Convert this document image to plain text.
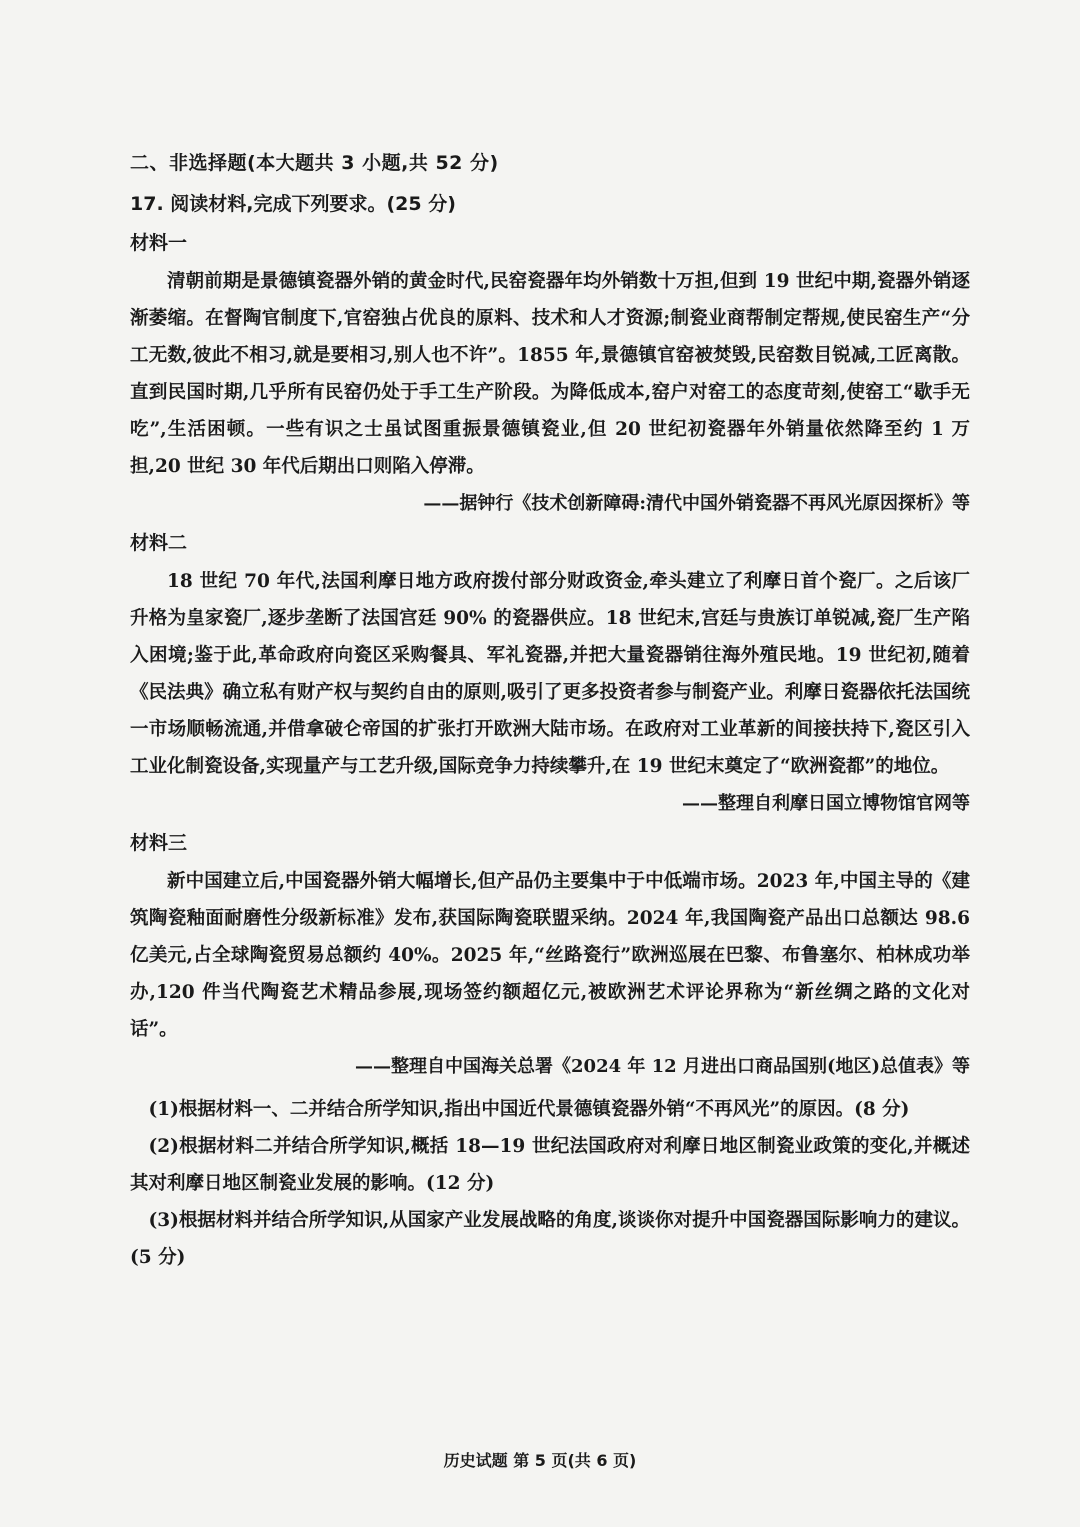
二、非选择题(本大题共 3 小题,共 52 分)
17. 阅读材料,完成下列要求。(25 分)
材料一

清朝前期是景德镇瓷器外销的黄金时代,民窑瓷器年均外销数十万担,但到 19 世纪中期,瓷器外销逐渐萎缩。在督陶官制度下,官窑独占优良的原料、技术和人才资源;制瓷业商帮制定帮规,使民窑生产“分工无数,彼此不相习,就是要相习,别人也不许”。1855 年,景德镇官窑被焚毁,民窑数目锐减,工匠离散。直到民国时期,几乎所有民窑仍处于手工生产阶段。为降低成本,窑户对窑工的态度苛刻,使窑工“歇手无吃”,生活困顿。一些有识之士虽试图重振景德镇瓷业,但 20 世纪初瓷器年外销量依然降至约 1 万担,20 世纪 30 年代后期出口则陷入停滞。

——据钟行《技术创新障碍:清代中国外销瓷器不再风光原因探析》等

材料二

18 世纪 70 年代,法国利摩日地方政府拨付部分财政资金,牵头建立了利摩日首个瓷厂。之后该厂升格为皇家瓷厂,逐步垄断了法国宫廷 90% 的瓷器供应。18 世纪末,宫廷与贵族订单锐减,瓷厂生产陷入困境;鉴于此,革命政府向瓷区采购餐具、军礼瓷器,并把大量瓷器销往海外殖民地。19 世纪初,随着《民法典》确立私有财产权与契约自由的原则,吸引了更多投资者参与制瓷产业。利摩日瓷器依托法国统一市场顺畅流通,并借拿破仑帝国的扩张打开欧洲大陆市场。在政府对工业革新的间接扶持下,瓷区引入工业化制瓷设备,实现量产与工艺升级,国际竞争力持续攀升,在 19 世纪末奠定了“欧洲瓷都”的地位。

——整理自利摩日国立博物馆官网等

材料三

新中国建立后,中国瓷器外销大幅增长,但产品仍主要集中于中低端市场。2023 年,中国主导的《建筑陶瓷釉面耐磨性分级新标准》发布,获国际陶瓷联盟采纳。2024 年,我国陶瓷产品出口总额达 98.6 亿美元,占全球陶瓷贸易总额约 40%。2025 年,“丝路瓷行”欧洲巡展在巴黎、布鲁塞尔、柏林成功举办,120 件当代陶瓷艺术精品参展,现场签约额超亿元,被欧洲艺术评论界称为“新丝绸之路的文化对话”。

——整理自中国海关总署《2024 年 12 月进出口商品国别(地区)总值表》等

(1)根据材料一、二并结合所学知识,指出中国近代景德镇瓷器外销“不再风光”的原因。(8 分)

(2)根据材料二并结合所学知识,概括 18—19 世纪法国政府对利摩日地区制瓷业政策的变化,并概述其对利摩日地区制瓷业发展的影响。(12 分)

(3)根据材料并结合所学知识,从国家产业发展战略的角度,谈谈你对提升中国瓷器国际影响力的建议。(5 分)

历史试题 第 5 页(共 6 页)
